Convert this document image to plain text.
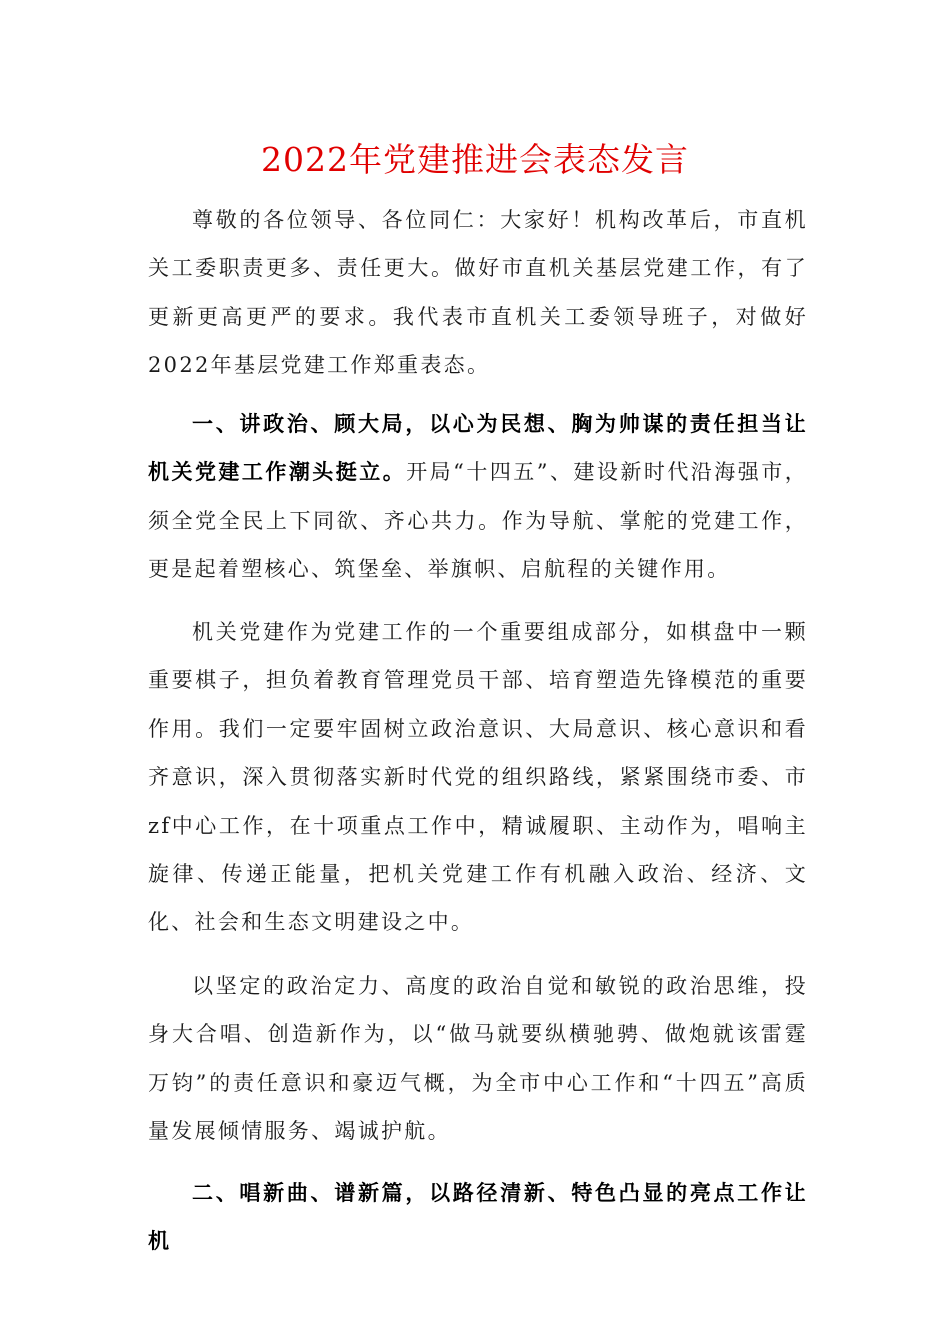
2022年党建推进会表态发言

尊敬的各位领导、各位同仁：大家好！机构改革后，市直机关工委职责更多、责任更大。做好市直机关基层党建工作，有了更新更高更严的要求。我代表市直机关工委领导班子，对做好2022年基层党建工作郑重表态。

一、讲政治、顾大局，以心为民想、胸为帅谋的责任担当让机关党建工作潮头挺立。开局“十四五”、建设新时代沿海强市，须全党全民上下同欲、齐心共力。作为导航、掌舵的党建工作，更是起着塑核心、筑堡垒、举旗帜、启航程的关键作用。

机关党建作为党建工作的一个重要组成部分，如棋盘中一颗重要棋子，担负着教育管理党员干部、培育塑造先锋模范的重要作用。我们一定要牢固树立政治意识、大局意识、核心意识和看齐意识，深入贯彻落实新时代党的组织路线，紧紧围绕市委、市zf中心工作，在十项重点工作中，精诚履职、主动作为，唱响主旋律、传递正能量，把机关党建工作有机融入政治、经济、文化、社会和生态文明建设之中。

以坚定的政治定力、高度的政治自觉和敏锐的政治思维，投身大合唱、创造新作为，以“做马就要纵横驰骋、做炮就该雷霆万钧”的责任意识和豪迈气概，为全市中心工作和“十四五”高质量发展倾情服务、竭诚护航。

二、唱新曲、谱新篇，以路径清新、特色凸显的亮点工作让机
